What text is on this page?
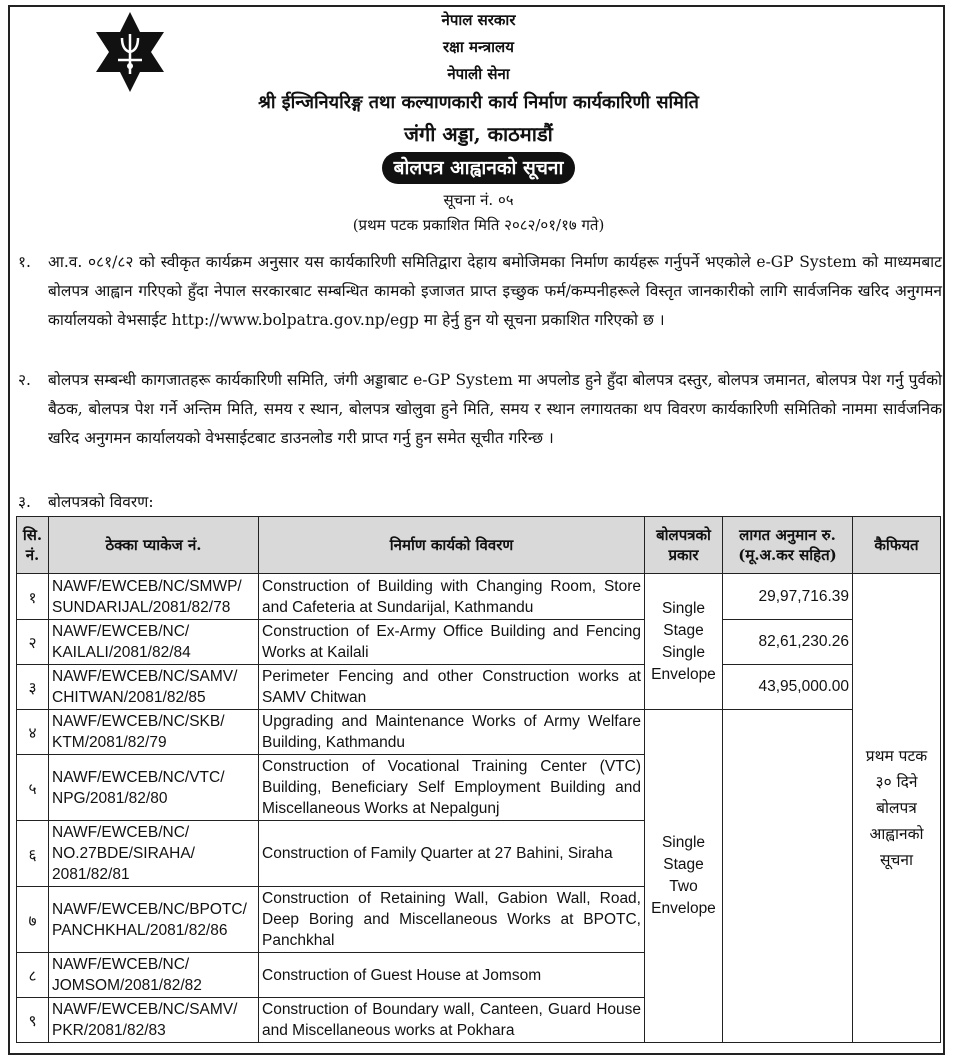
नेपाल सरकार
रक्षा मन्त्रालय
नेपाली सेना
श्री ईन्जिनियरिङ्ग तथा कल्याणकारी कार्य निर्माण कार्यकारिणी समिति
जंगी अड्डा, काठमाडौं
बोलपत्र आह्वानको सूचना
सूचना नं. ०५
(प्रथम पटक प्रकाशित मिति २०८२/०१/१७ गते)
१. आ.व. ०८१/८२ को स्वीकृत कार्यक्रम अनुसार यस कार्यकारिणी समितिद्वारा देहाय बमोजिमका निर्माण कार्यहरू गर्नुपर्ने भएकोले e-GP System को माध्यमबाट बोलपत्र आह्वान गरिएको हुँदा नेपाल सरकारबाट सम्बन्धित कामको इजाजत प्राप्त इच्छुक फर्म/कम्पनीहरूले विस्तृत जानकारीको लागि सार्वजनिक खरिद अनुगमन कार्यालयको वेभसाईट http://www.bolpatra.gov.np/egp मा हेर्नु हुन यो सूचना प्रकाशित गरिएको छ ।
२. बोलपत्र सम्बन्धी कागजातहरू कार्यकारिणी समिति, जंगी अड्डाबाट e-GP System मा अपलोड हुने हुँदा बोलपत्र दस्तुर, बोलपत्र जमानत, बोलपत्र पेश गर्नु पुर्वको बैठक, बोलपत्र पेश गर्ने अन्तिम मिति, समय र स्थान, बोलपत्र खोलुवा हुने मिति, समय र स्थान लगायतका थप विवरण कार्यकारिणी समितिको नाममा सार्वजनिक खरिद अनुगमन कार्यालयको वेभसाईटबाट डाउनलोड गरी प्राप्त गर्नु हुन समेत सूचीत गरिन्छ ।
३. बोलपत्रको विवरण:
सि. नं.	ठेक्का प्याकेज नं.	निर्माण कार्यको विवरण	बोलपत्रको प्रकार	लागत अनुमान रु. (मू.अ.कर सहित)	कैफियत
१	NAWF/EWCEB/NC/SMWP/ SUNDARIJAL/2081/82/78	Construction of Building with Changing Room, Store and Cafeteria at Sundarijal, Kathmandu	Single Stage Single Envelope	29,97,716.39	प्रथम पटक ३० दिने बोलपत्र आह्वानको सूचना
२	NAWF/EWCEB/NC/ KAILALI/2081/82/84	Construction of Ex-Army Office Building and Fencing Works at Kailali		82,61,230.26	
३	NAWF/EWCEB/NC/SAMV/ CHITWAN/2081/82/85	Perimeter Fencing and other Construction works at SAMV Chitwan		43,95,000.00	
४	NAWF/EWCEB/NC/SKB/ KTM/2081/82/79	Upgrading and Maintenance Works of Army Welfare Building, Kathmandu	Single Stage Two Envelope		
५	NAWF/EWCEB/NC/VTC/ NPG/2081/82/80	Construction of Vocational Training Center (VTC) Building, Beneficiary Self Employment Building and Miscellaneous Works at Nepalgunj			
६	NAWF/EWCEB/NC/ NO.27BDE/SIRAHA/ 2081/82/81	Construction of Family Quarter at 27 Bahini, Siraha			
७	NAWF/EWCEB/NC/BPOTC/ PANCHKHAL/2081/82/86	Construction of Retaining Wall, Gabion Wall, Road, Deep Boring and Miscellaneous Works at BPOTC, Panchkhal			
८	NAWF/EWCEB/NC/ JOMSOM/2081/82/82	Construction of Guest House at Jomsom			
९	NAWF/EWCEB/NC/SAMV/ PKR/2081/82/83	Construction of Boundary wall, Canteen, Guard House and Miscellaneous works at Pokhara			
